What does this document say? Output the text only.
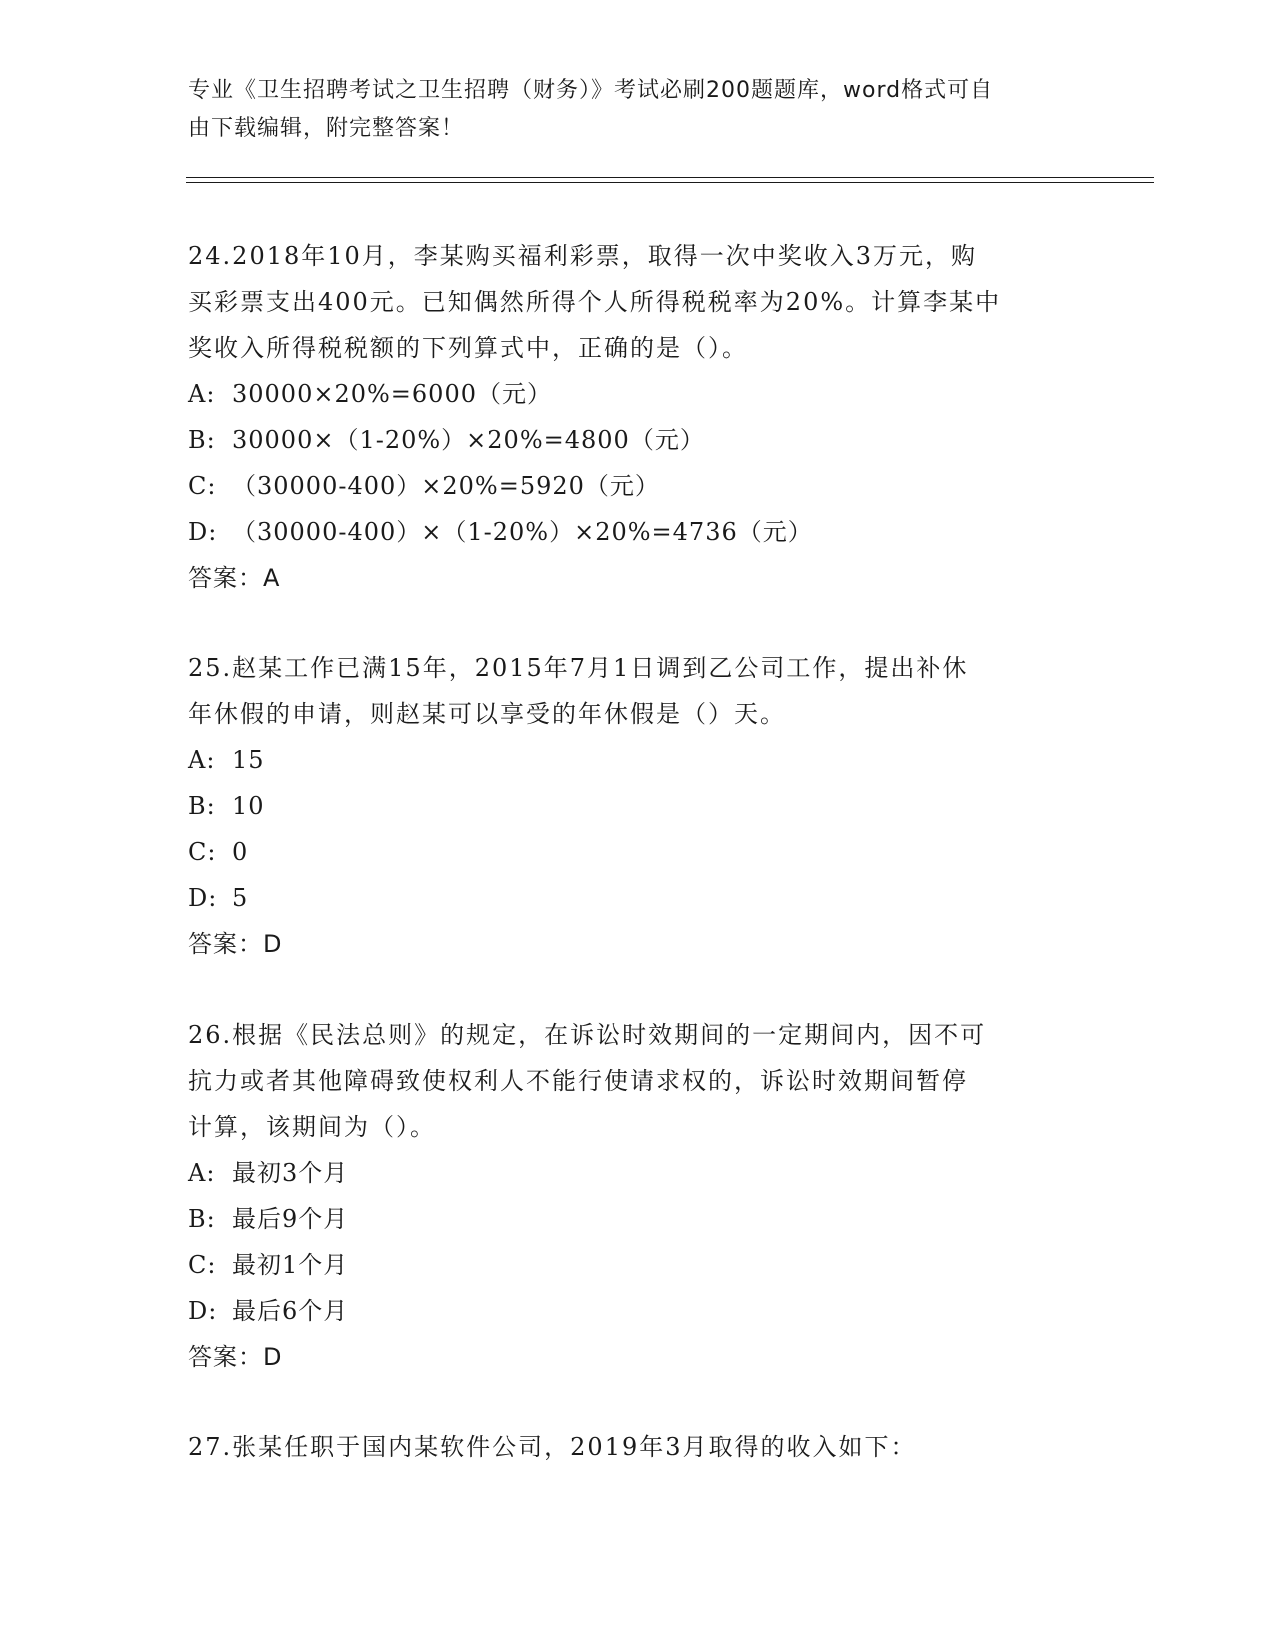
专业《卫生招聘考试之卫生招聘（财务）》考试必刷200题题库，word格式可自
由下载编辑，附完整答案！
24.2018年10月，李某购买福利彩票，取得一次中奖收入3万元，购
买彩票支出400元。已知偶然所得个人所得税税率为20%。计算李某中
奖收入所得税税额的下列算式中，正确的是（）。
A: 30000×20%=6000（元）
B: 30000×（1-20%）×20%=4800（元）
C: （30000-400）×20%=5920（元）
D: （30000-400）×（1-20%）×20%=4736（元）
答案：A
25.赵某工作已满15年，2015年7月1日调到乙公司工作，提出补休
年休假的申请，则赵某可以享受的年休假是（）天。
A: 15
B: 10
C: 0
D: 5
答案：D
26.根据《民法总则》的规定，在诉讼时效期间的一定期间内，因不可
抗力或者其他障碍致使权利人不能行使请求权的，诉讼时效期间暂停
计算，该期间为（）。
A: 最初3个月
B: 最后9个月
C: 最初1个月
D: 最后6个月
答案：D
27.张某任职于国内某软件公司，2019年3月取得的收入如下：
